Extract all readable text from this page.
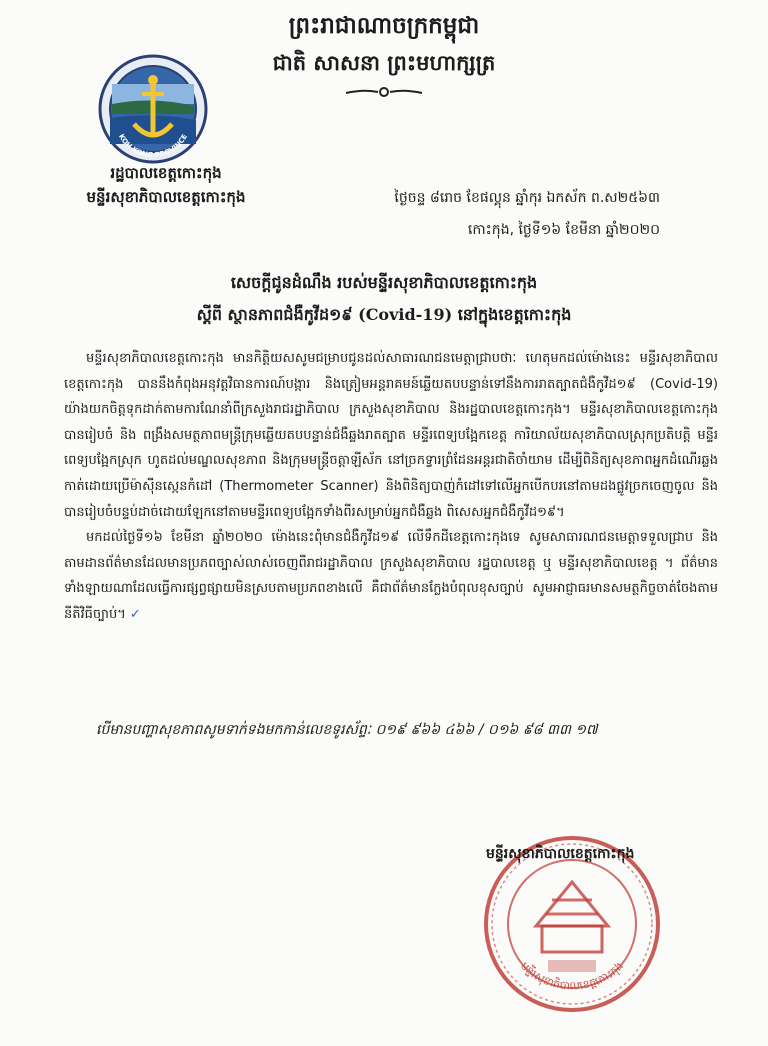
ព្រះរាជាណាចក្រកម្ពុជា
ជាតិ សាសនា ព្រះមហាក្សត្រ
KOH KONG PROVINCE
រដ្ឋបាលខេត្តកោះកុង
មន្ទីរសុខាភិបាលខេត្តកោះកុង	ថ្ងៃចន្ទ ៨រោច ខែផល្គុន ឆ្នាំកុរ ឯកស័ក ព.ស២៥៦៣
កោះកុង, ថ្ងៃទី១៦ ខែមីនា ឆ្នាំ២០២០
សេចក្តីជូនដំណឹង របស់មន្ទីរសុខាភិបាលខេត្តកោះកុង
ស្តីពី ស្ថានភាពជំងឺកូវីដ១៩ (Covid-19) នៅក្នុងខេត្តកោះកុង

មន្ទីរសុខាភិបាលខេត្តកោះកុង មានកិត្តិយសសូមជម្រាបជូនដល់សាធារណជនមេត្តាជ្រាបថាៈ ហេតុមកដល់ម៉ោងនេះ មន្ទីរសុខាភិបាលខេត្តកោះកុង បាននឹងកំពុងអនុវត្តវិធានការណ៍បង្ការ និងត្រៀមអន្តរាគមន៍ឆ្លើយតបបន្ទាន់ទៅនឹងការរាតត្បាតជំងឺកូវីដ១៩ (Covid-19) យ៉ាងយកចិត្តទុកដាក់តាមការណែនាំពីក្រសួងរាជរដ្ឋាភិបាល ក្រសួងសុខាភិបាល និងរដ្ឋបាលខេត្តកោះកុង។ មន្ទីរសុខាភិបាលខេត្តកោះកុង បានរៀបចំ និង ពង្រឹងសមត្ថភាពមន្ត្រីក្រុមឆ្លើយតបបន្ទាន់ជំងឺឆ្លងរាតត្បាត មន្ទីរពេទ្យបង្អែកខេត្ត ការិយាល័យសុខាភិបាលស្រុកប្រតិបត្តិ មន្ទីរពេទ្យបង្អែកស្រុក ហូតដល់មណ្ឌលសុខភាព និងក្រុមមន្ត្រីចត្តាឡីស័ក នៅច្រកទ្វារព្រំដែនអន្តរជាតិចាំយាម ដើម្បីពិនិត្យសុខភាពអ្នកដំណើរឆ្លងកាត់ដោយប្រើម៉ាស៊ីនស្កេនកំដៅ (Thermometer Scanner) និងពិនិត្យបាញ់កំដៅទៅលើអ្នកបើកបរនៅតាមដងផ្លូវច្រកចេញចូល និងបានរៀបចំបន្ទប់ដាច់ដោយឡែកនៅតាមមន្ទីរពេទ្យបង្អែកទាំងពីរសម្រាប់អ្នកជំងឺឆ្លង ពិសេសអ្នកជំងឺកូវីដ១៩។

មកដល់ថ្ងៃទី១៦ ខែមីនា ឆ្នាំ២០២០ ម៉ោងនេះពុំមានជំងឺកូវីដ១៩ លើទឹកដីខេត្តកោះកុងទេ សូមសាធារណជនមេត្តាទទួលជ្រាប និងតាមដានព័ត៌មានដែលមានប្រភពច្បាស់លាស់ចេញពីរាជរដ្ឋាភិបាល ក្រសួងសុខាភិបាល រដ្ឋបាលខេត្ត ឬ មន្ទីរសុខាភិបាលខេត្ត ។ ព័ត៌មានទាំងឡាយណាដែលធ្វើការផ្សព្វផ្សាយមិនស្របតាមប្រភពខាងលើ គឺជាព័ត៌មានក្លែងបំពុលខុសច្បាប់ សូមអាជ្ញាធរមានសមត្ថកិច្ចចាត់ចែងតាមនីតិវិធីច្បាប់។ ✓

បើមានបញ្ហាសុខភាពសូមទាក់ទងមកកាន់លេខទូរស័ព្ទៈ ០១៩ ៩៦៦ ៤៦៦ / ០១៦ ៩៨ ៣៣ ១៧
មន្ទីរសុខាភិបាលខេត្តកោះកុង
មន្ទីរសុខាភិបាលខេត្តកោះកុង
